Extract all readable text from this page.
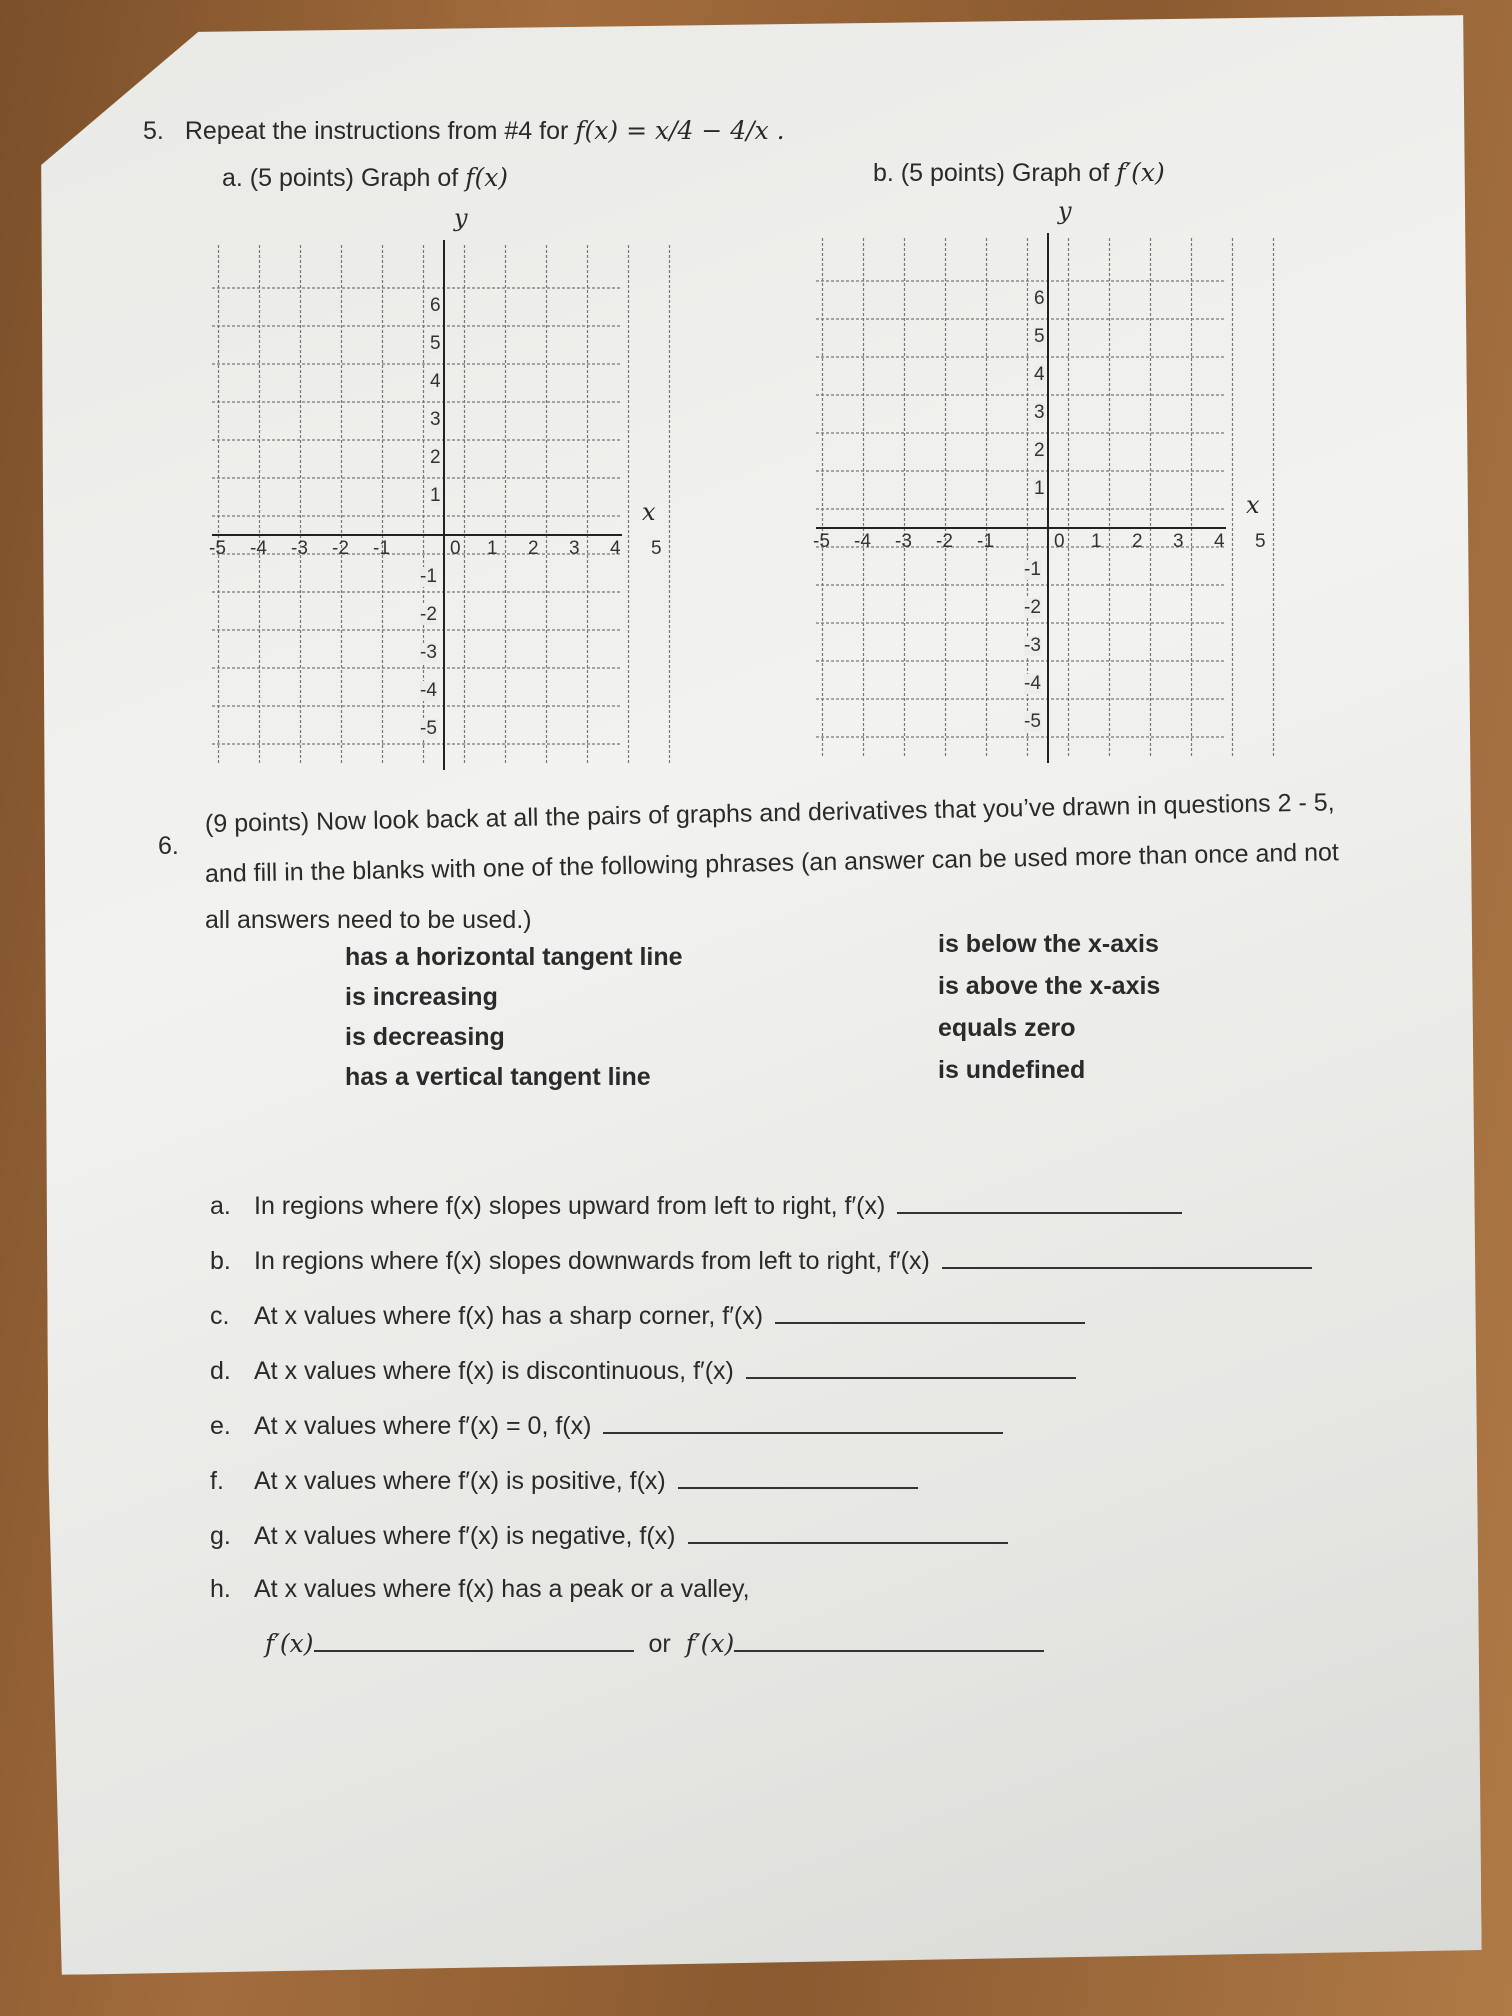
5. Repeat the instructions from #4 for f(x) = x/4 − 4/x .
a. (5 points) Graph of f(x)	b. (5 points) Graph of f′(x)
x
y
-5 -4 -3 -2 -1	0 1 2 3 4 5
6
5
4
3
2
1
-1
-2
-3
-4
-5
x
y
-5 -4 -3 -2 -1	0 1 2 3 4 5
6
5
4
3
2
1
-1
-2
-3
-4
-5
6.
(9 points) Now look back at all the pairs of graphs and derivatives that you’ve drawn in questions 2 - 5,
and fill in the blanks with one of the following phrases (an answer can be used more than once and not
all answers need to be used.)
has a horizontal tangent line
is increasing
is decreasing
has a vertical tangent line
is below the x-axis
is above the x-axis
equals zero
is undefined
a. In regions where f(x) slopes upward from left to right, f′(x)
b. In regions where f(x) slopes downwards from left to right, f′(x)
c. At x values where f(x) has a sharp corner, f′(x)
d. At x values where f(x) is discontinuous, f′(x)
e. At x values where f′(x) = 0, f(x)
f. At x values where f′(x) is positive, f(x)
g. At x values where f′(x) is negative, f(x)
h. At x values where f(x) has a peak or a valley,
f′(x)	or f′(x)
